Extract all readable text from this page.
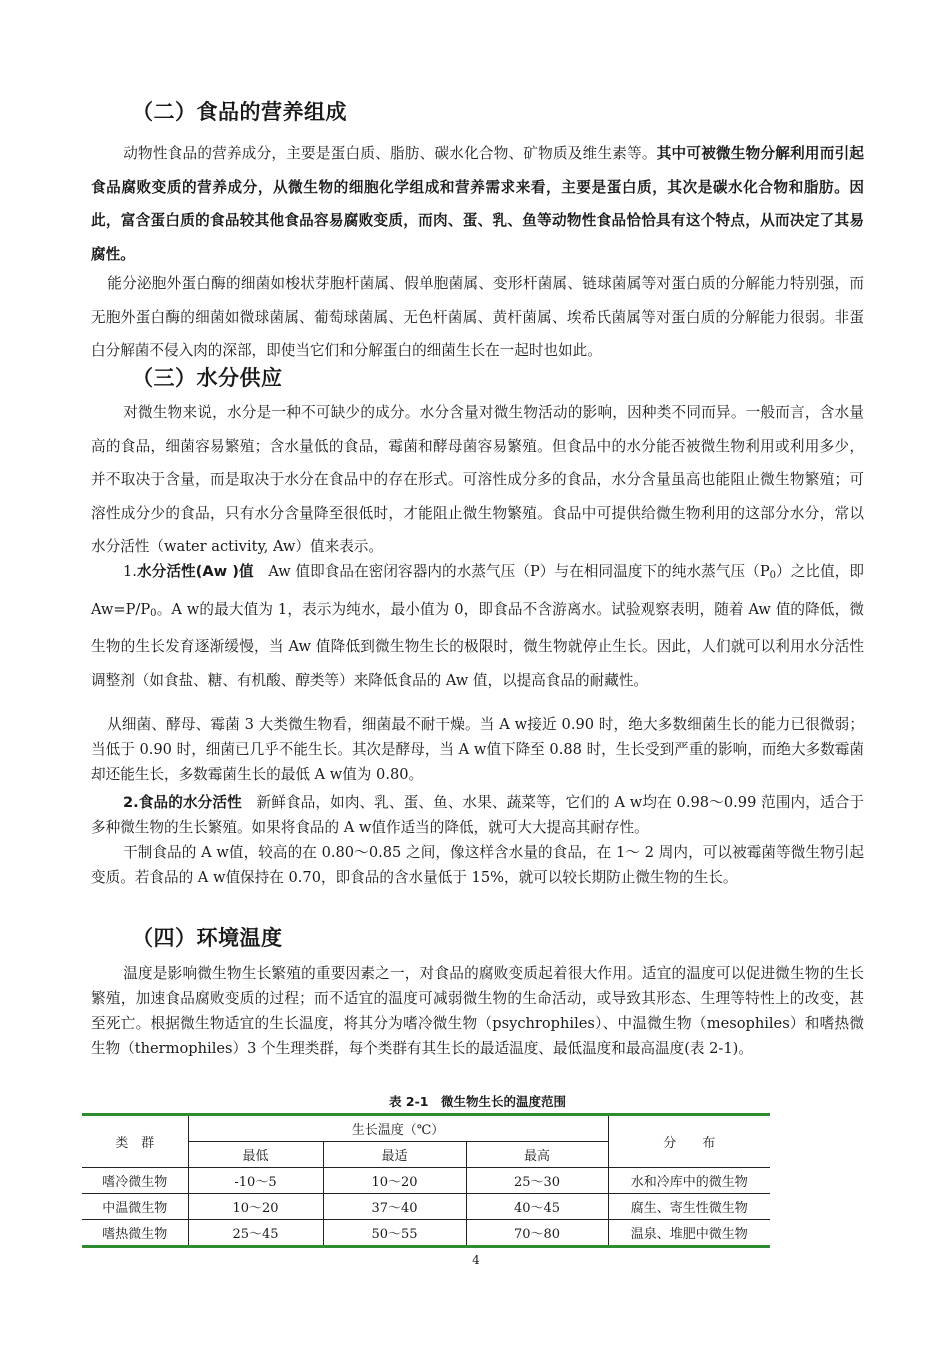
（二）食品的营养组成
动物性食品的营养成分，主要是蛋白质、脂肪、碳水化合物、矿物质及维生素等。其中可被微生物分解利用而引起食品腐败变质的营养成分，从微生物的细胞化学组成和营养需求来看，主要是蛋白质，其次是碳水化合物和脂肪。因此，富含蛋白质的食品较其他食品容易腐败变质，而肉、蛋、乳、鱼等动物性食品恰恰具有这个特点，从而决定了其易腐性。
能分泌胞外蛋白酶的细菌如梭状芽胞杆菌属、假单胞菌属、变形杆菌属、链球菌属等对蛋白质的分解能力特别强，而无胞外蛋白酶的细菌如微球菌属、葡萄球菌属、无色杆菌属、黄杆菌属、埃希氏菌属等对蛋白质的分解能力很弱。非蛋白分解菌不侵入肉的深部，即使当它们和分解蛋白的细菌生长在一起时也如此。
（三）水分供应
对微生物来说，水分是一种不可缺少的成分。水分含量对微生物活动的影响，因种类不同而异。一般而言，含水量高的食品，细菌容易繁殖；含水量低的食品，霉菌和酵母菌容易繁殖。但食品中的水分能否被微生物利用或利用多少，并不取决于含量，而是取决于水分在食品中的存在形式。可溶性成分多的食品，水分含量虽高也能阻止微生物繁殖；可溶性成分少的食品，只有水分含量降至很低时，才能阻止微生物繁殖。食品中可提供给微生物利用的这部分水分，常以水分活性（water activity, Aw）值来表示。
1.水分活性(Aw )值　 Aw 值即食品在密闭容器内的水蒸气压（P）与在相同温度下的纯水蒸气压$(P_0)$之比值，即 $Aw=P/P_0$。A w的最大值为 1，表示为纯水，最小值为 0，即食品不含游离水。试验观察表明，随着 Aw 值的降低，微生物的生长发育逐渐缓慢，当 Aw 值降低到微生物生长的极限时，微生物就停止生长。因此，人们就可以利用水分活性调整剂（如食盐、糖、有机酸、醇类等）来降低食品的 Aw 值，以提高食品的耐藏性。
从细菌、酵母、霉菌 3 大类微生物看，细菌最不耐干燥。当 A w接近 0.90 时，绝大多数细菌生长的能力已很微弱；当低于 0.90 时，细菌已几乎不能生长。其次是酵母，当 A w值下降至 0.88 时，生长受到严重的影响，而绝大多数霉菌却还能生长，多数霉菌生长的最低 A w值为 0.80。
2.食品的水分活性　 新鲜食品，如肉、乳、蛋、鱼、水果、蔬菜等，它们的 A w均在 0.98～0.99 范围内，适合于多种微生物的生长繁殖。如果将食品的 A w值作适当的降低，就可大大提高其耐存性。
干制食品的 A w值，较高的在 0.80～0.85 之间，像这样含水量的食品，在 1～ 2 周内，可以被霉菌等微生物引起变质。若食品的 A w值保持在 0.70，即食品的含水量低于 15%，就可以较长期防止微生物的生长。
（四）环境温度
温度是影响微生物生长繁殖的重要因素之一，对食品的腐败变质起着很大作用。适宜的温度可以促进微生物的生长繁殖，加速食品腐败变质的过程；而不适宜的温度可减弱微生物的生命活动，或导致其形态、生理等特性上的改变，甚至死亡。根据微生物适宜的生长温度，将其分为嗜冷微生物（psychrophiles）、中温微生物（mesophiles）和嗜热微生物（thermophiles）3 个生理类群，每个类群有其生长的最适温度、最低温度和最高温度(表 2-1)。
表 2-1　微生物生长的温度范围
类　群	生长温度（℃）			分　　布
	最低	最适	最高	
嗜冷微生物	-10～5	10～20	25～30	水和冷库中的微生物
中温微生物	10～20	37～40	40～45	腐生、寄生性微生物
嗜热微生物	25～45	50～55	70～80	温泉、堆肥中微生物
4
